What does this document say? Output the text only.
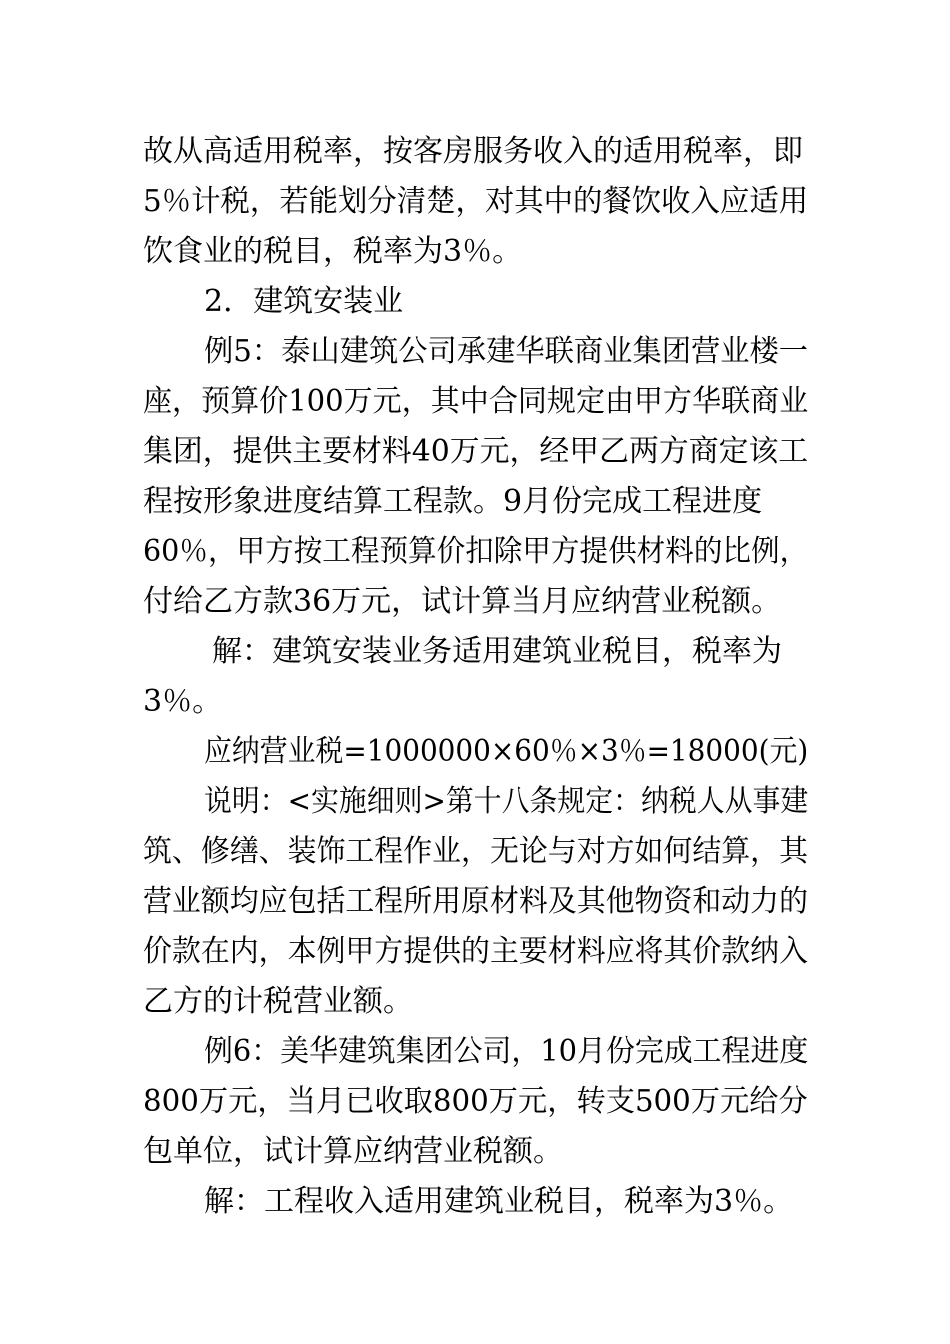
故从高适用税率，按客房服务收入的适用税率，即
5％计税，若能划分清楚，对其中的餐饮收入应适用
饮食业的税目，税率为3％。
2．建筑安装业
例5：泰山建筑公司承建华联商业集团营业楼一
座，预算价100万元，其中合同规定由甲方华联商业
集团，提供主要材料40万元，经甲乙两方商定该工
程按形象进度结算工程款。9月份完成工程进度
60％，甲方按工程预算价扣除甲方提供材料的比例，
付给乙方款36万元，试计算当月应纳营业税额。
解：建筑安装业务适用建筑业税目，税率为
3％。
应纳营业税=1000000×60％×3％=18000(元)
说明：<实施细则>第十八条规定：纳税人从事建
筑、修缮、装饰工程作业，无论与对方如何结算，其
营业额均应包括工程所用原材料及其他物资和动力的
价款在内，本例甲方提供的主要材料应将其价款纳入
乙方的计税营业额。
例6：美华建筑集团公司，10月份完成工程进度
800万元，当月已收取800万元，转支500万元给分
包单位，试计算应纳营业税额。
解：工程收入适用建筑业税目，税率为3％。
